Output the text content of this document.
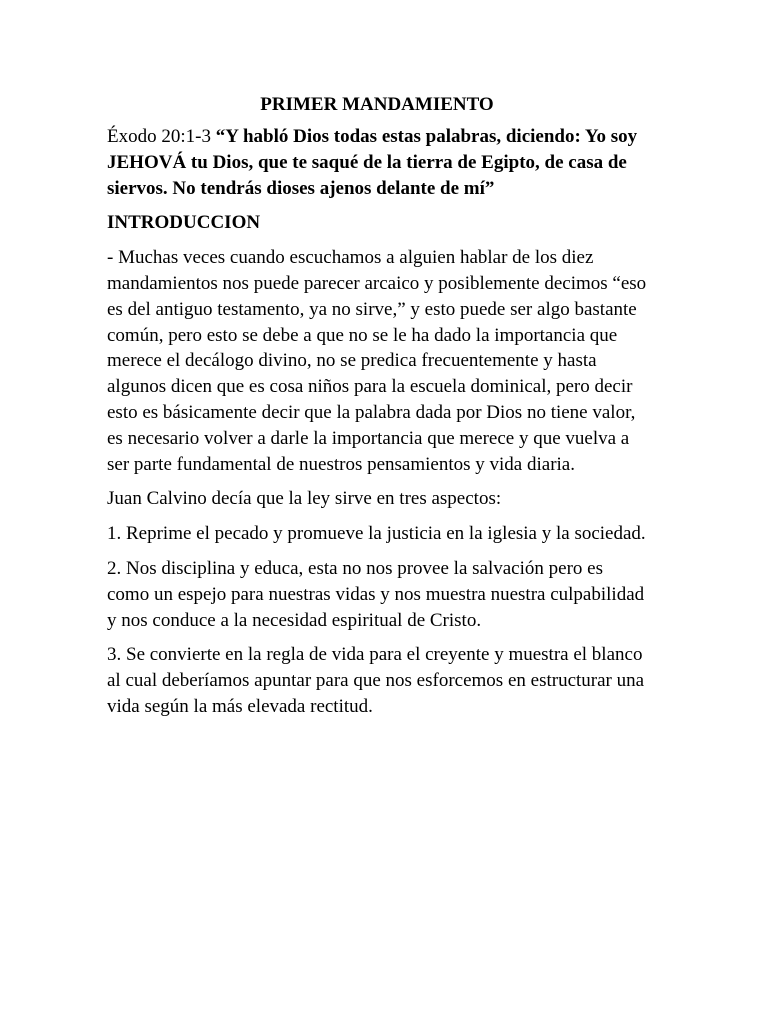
PRIMER MANDAMIENTO

Éxodo 20:1-3 “Y habló Dios todas estas palabras, diciendo: Yo soy JEHOVÁ tu Dios, que te saqué de la tierra de Egipto, de casa de siervos. No tendrás dioses ajenos delante de mí”

INTRODUCCION

- Muchas veces cuando escuchamos a alguien hablar de los diez mandamientos nos puede parecer arcaico y posiblemente decimos “eso es del antiguo testamento, ya no sirve,” y esto puede ser algo bastante común, pero esto se debe a que no se le ha dado la importancia que merece el decálogo divino, no se predica frecuentemente y hasta algunos dicen que es cosa niños para la escuela dominical, pero decir esto es básicamente decir que la palabra dada por Dios no tiene valor, es necesario volver a darle la importancia que merece y que vuelva a ser parte fundamental de nuestros pensamientos y vida diaria.

Juan Calvino decía que la ley sirve en tres aspectos:

1. Reprime el pecado y promueve la justicia en la iglesia y la sociedad.

2. Nos disciplina y educa, esta no nos provee la salvación pero es como un espejo para nuestras vidas y nos muestra nuestra culpabilidad y nos conduce a la necesidad espiritual de Cristo.

3. Se convierte en la regla de vida para el creyente y muestra el blanco al cual deberíamos apuntar para que nos esforcemos en estructurar una vida según la más elevada rectitud.
